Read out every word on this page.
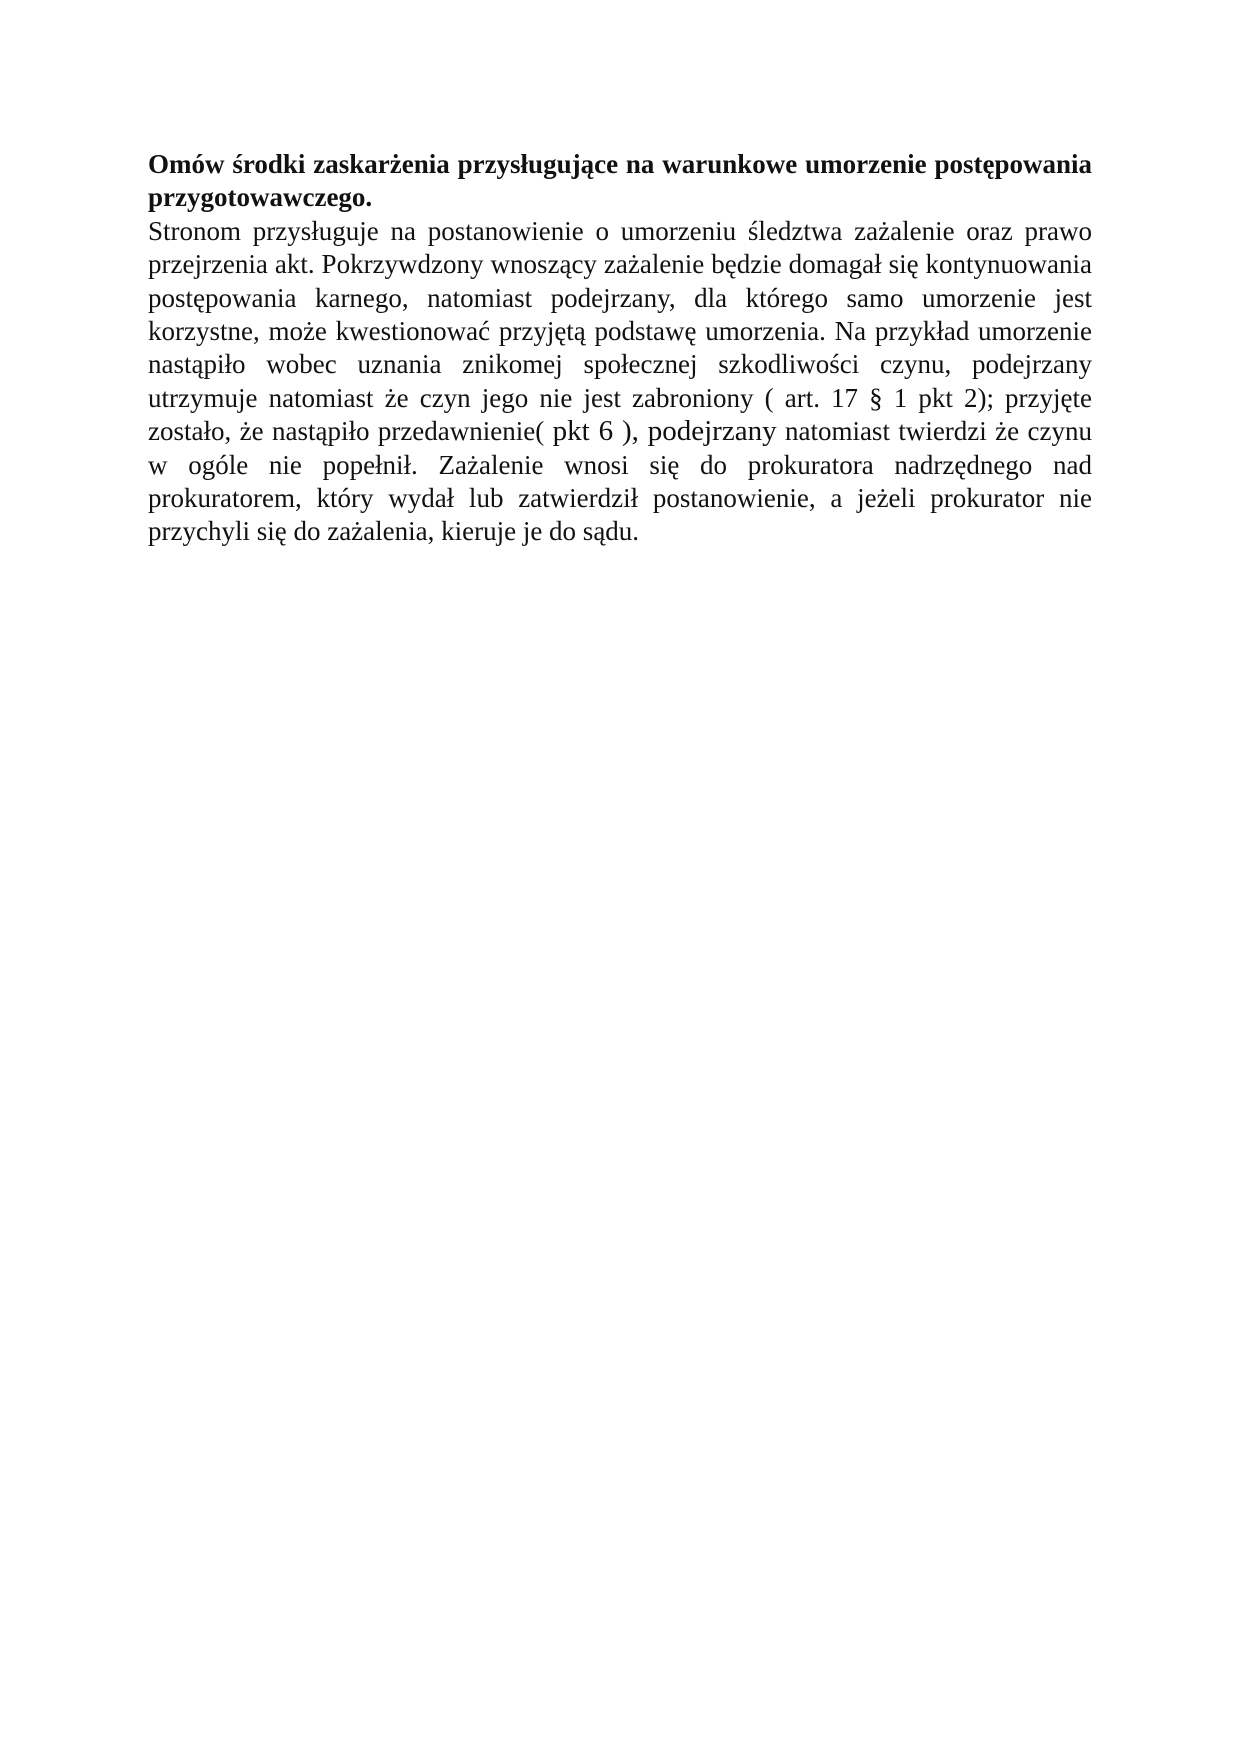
Omów środki zaskarżenia przysługujące na warunkowe umorzenie postępowania przygotowawczego.

Stronom przysługuje na postanowienie o umorzeniu śledztwa zażalenie oraz prawo przejrzenia akt. Pokrzywdzony wnoszący zażalenie będzie domagał się kontynuowania postępowania karnego, natomiast podejrzany, dla którego samo umorzenie jest korzystne, może kwestionować przyjętą podstawę umorzenia. Na przykład umorzenie nastąpiło wobec uznania znikomej społecznej szkodliwości czynu, podejrzany utrzymuje natomiast że czyn jego nie jest zabroniony ( art. 17 § 1 pkt 2); przyjęte zostało, że nastąpiło przedawnienie( pkt 6 ), podejrzany natomiast twierdzi że czynu w ogóle nie popełnił. Zażalenie wnosi się do prokuratora nadrzędnego nad prokuratorem, który wydał lub zatwierdził postanowienie, a jeżeli prokurator nie przychyli się do zażalenia, kieruje je do sądu.
